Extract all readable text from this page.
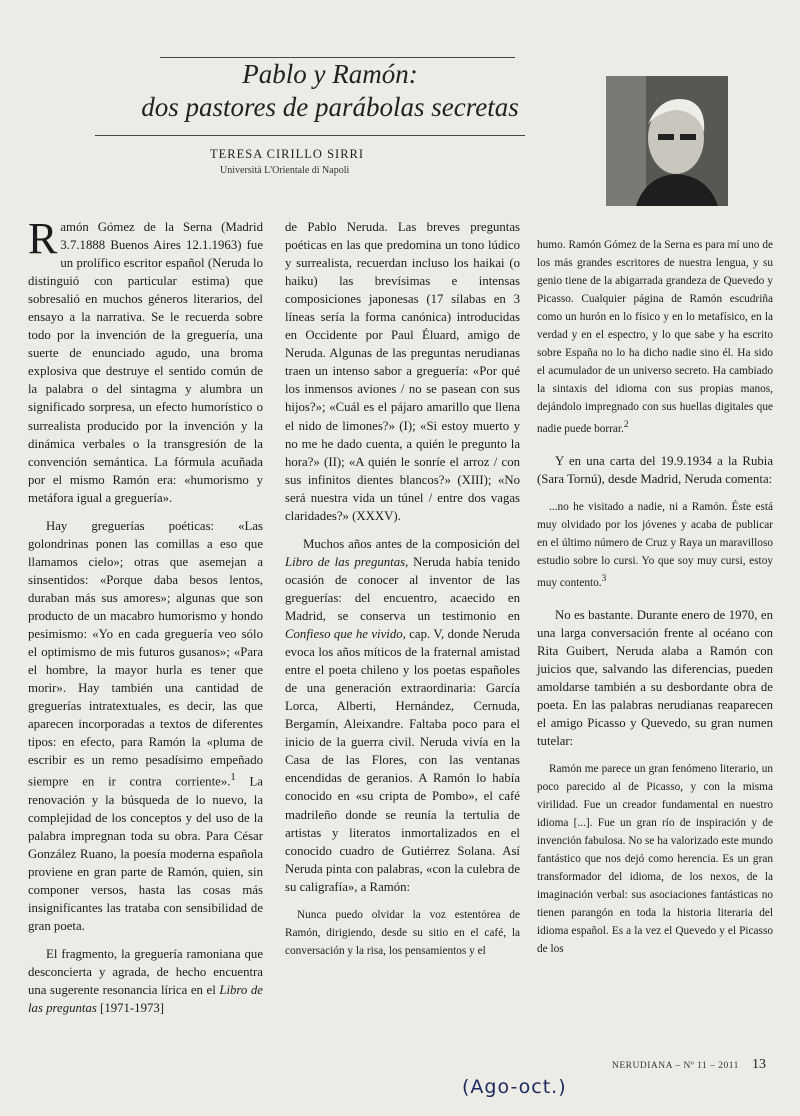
Pablo y Ramón:
dos pastores de parábolas secretas
TERESA CIRILLO SIRRI
Università L'Orientale di Napoli

Ramón Gómez de la Serna (Madrid 3.7.1888 Buenos Aires 12.1.1963) fue un prolífico escritor español (Neruda lo distinguió con particular estima) que sobresalió en muchos géneros literarios, del ensayo a la narrativa. Se le recuerda sobre todo por la invención de la greguería, una suerte de enunciado agudo, una broma explosiva que destruye el sentido común de la palabra o del sintagma y alumbra un significado sorpresa, un efecto humorístico o surrealista producido por la invención y la dinámica verbales o la transgresión de la convención semántica. La fórmula acuñada por el mismo Ramón era: «humorismo y metáfora igual a greguería».

Hay greguerías poéticas: «Las golondrinas ponen las comillas a eso que llamamos cielo»; otras que asemejan a sinsentidos: «Porque daba besos lentos, duraban más sus amores»; algunas que son producto de un macabro humorismo y hondo pesimismo: «Yo en cada greguería veo sólo el optimismo de mis futuros gusanos»; «Para el hombre, la mayor hurla es tener que morir». Hay también una cantidad de greguerías intratextuales, es decir, las que aparecen incorporadas a textos de diferentes tipos: en efecto, para Ramón la «pluma de escribir es un remo pesadísimo empeñado siempre en ir contra corriente».$^1$ La renovación y la búsqueda de lo nuevo, la complejidad de los conceptos y del uso de la palabra impregnan toda su obra. Para César González Ruano, la poesía moderna española proviene en gran parte de Ramón, quien, sin componer versos, hasta las cosas más insignificantes las trataba con sensibilidad de gran poeta.

El fragmento, la greguería ramoniana que desconcierta y agrada, de hecho encuentra una sugerente resonancia lírica en el Libro de las preguntas [1971-1973]

de Pablo Neruda. Las breves preguntas poéticas en las que predomina un tono lúdico y surrealista, recuerdan incluso los haikai (o haiku) las brevísimas e intensas composiciones japonesas (17 sílabas en 3 líneas sería la forma canónica) introducidas en Occidente por Paul Éluard, amigo de Neruda. Algunas de las preguntas nerudianas traen un intenso sabor a greguería: «Por qué los inmensos aviones / no se pasean con sus hijos?»; «Cuál es el pájaro amarillo que llena el nido de limones?» (I); «Si estoy muerto y no me he dado cuenta, a quién le pregunto la hora?» (II); «A quién le sonríe el arroz / con sus infinitos dientes blancos?» (XIII); «No será nuestra vida un túnel / entre dos vagas claridades?» (XXXV).

Muchos años antes de la composición del Libro de las preguntas, Neruda había tenido ocasión de conocer al inventor de las greguerías: del encuentro, acaecido en Madrid, se conserva un testimonio en Confieso que he vivido, cap. V, donde Neruda evoca los años míticos de la fraternal amistad entre el poeta chileno y los poetas españoles de una generación extraordinaria: García Lorca, Alberti, Hernández, Cernuda, Bergamín, Aleixandre. Faltaba poco para el inicio de la guerra civil. Neruda vivía en la Casa de las Flores, con las ventanas encendidas de geranios. A Ramón lo había conocido en «su cripta de Pombo», el café madrileño donde se reunía la tertulia de artistas y literatos inmortalizados en el conocido cuadro de Gutiérrez Solana. Así Neruda pinta con palabras, «con la culebra de su caligrafía», a Ramón:

Nunca puedo olvidar la voz estentórea de Ramón, dirigiendo, desde su sitio en el café, la conversación y la risa, los pensamientos y el

humo. Ramón Gómez de la Serna es para mí uno de los más grandes escritores de nuestra lengua, y su genio tiene de la abigarrada grandeza de Quevedo y Picasso. Cualquier página de Ramón escudriña como un hurón en lo físico y en lo metafísico, en la verdad y en el espectro, y lo que sabe y ha escrito sobre España no lo ha dicho nadie sino él. Ha sido el acumulador de un universo secreto. Ha cambiado la sintaxis del idioma con sus propias manos, dejándolo impregnado con sus huellas digitales que nadie puede borrar.$^2$

Y en una carta del 19.9.1934 a la Rubia (Sara Tornú), desde Madrid, Neruda comenta:

...no he visitado a nadie, ni a Ramón. Éste está muy olvidado por los jóvenes y acaba de publicar en el último número de Cruz y Raya un maravilloso estudio sobre lo cursi. Yo que soy muy cursi, estoy muy contento.$^3$

No es bastante. Durante enero de 1970, en una larga conversación frente al océano con Rita Guibert, Neruda alaba a Ramón con juicios que, salvando las diferencias, pueden amoldarse también a su desbordante obra de poeta. En las palabras nerudianas reaparecen el amigo Picasso y Quevedo, su gran numen tutelar:

Ramón me parece un gran fenómeno literario, un poco parecido al de Picasso, y con la misma virilidad. Fue un creador fundamental en nuestro idioma [...]. Fue un gran río de inspiración y de invención fabulosa. No se ha valorizado este mundo fantástico que nos dejó como herencia. Es un gran transformador del idioma, de los nexos, de la imaginación verbal: sus asociaciones fantásticas no tienen parangón en toda la historia literaria del idioma español. Es a la vez el Quevedo y el Picasso de los

NERUDIANA – Nº 11 – 2011 13
(Ago-oct.)
